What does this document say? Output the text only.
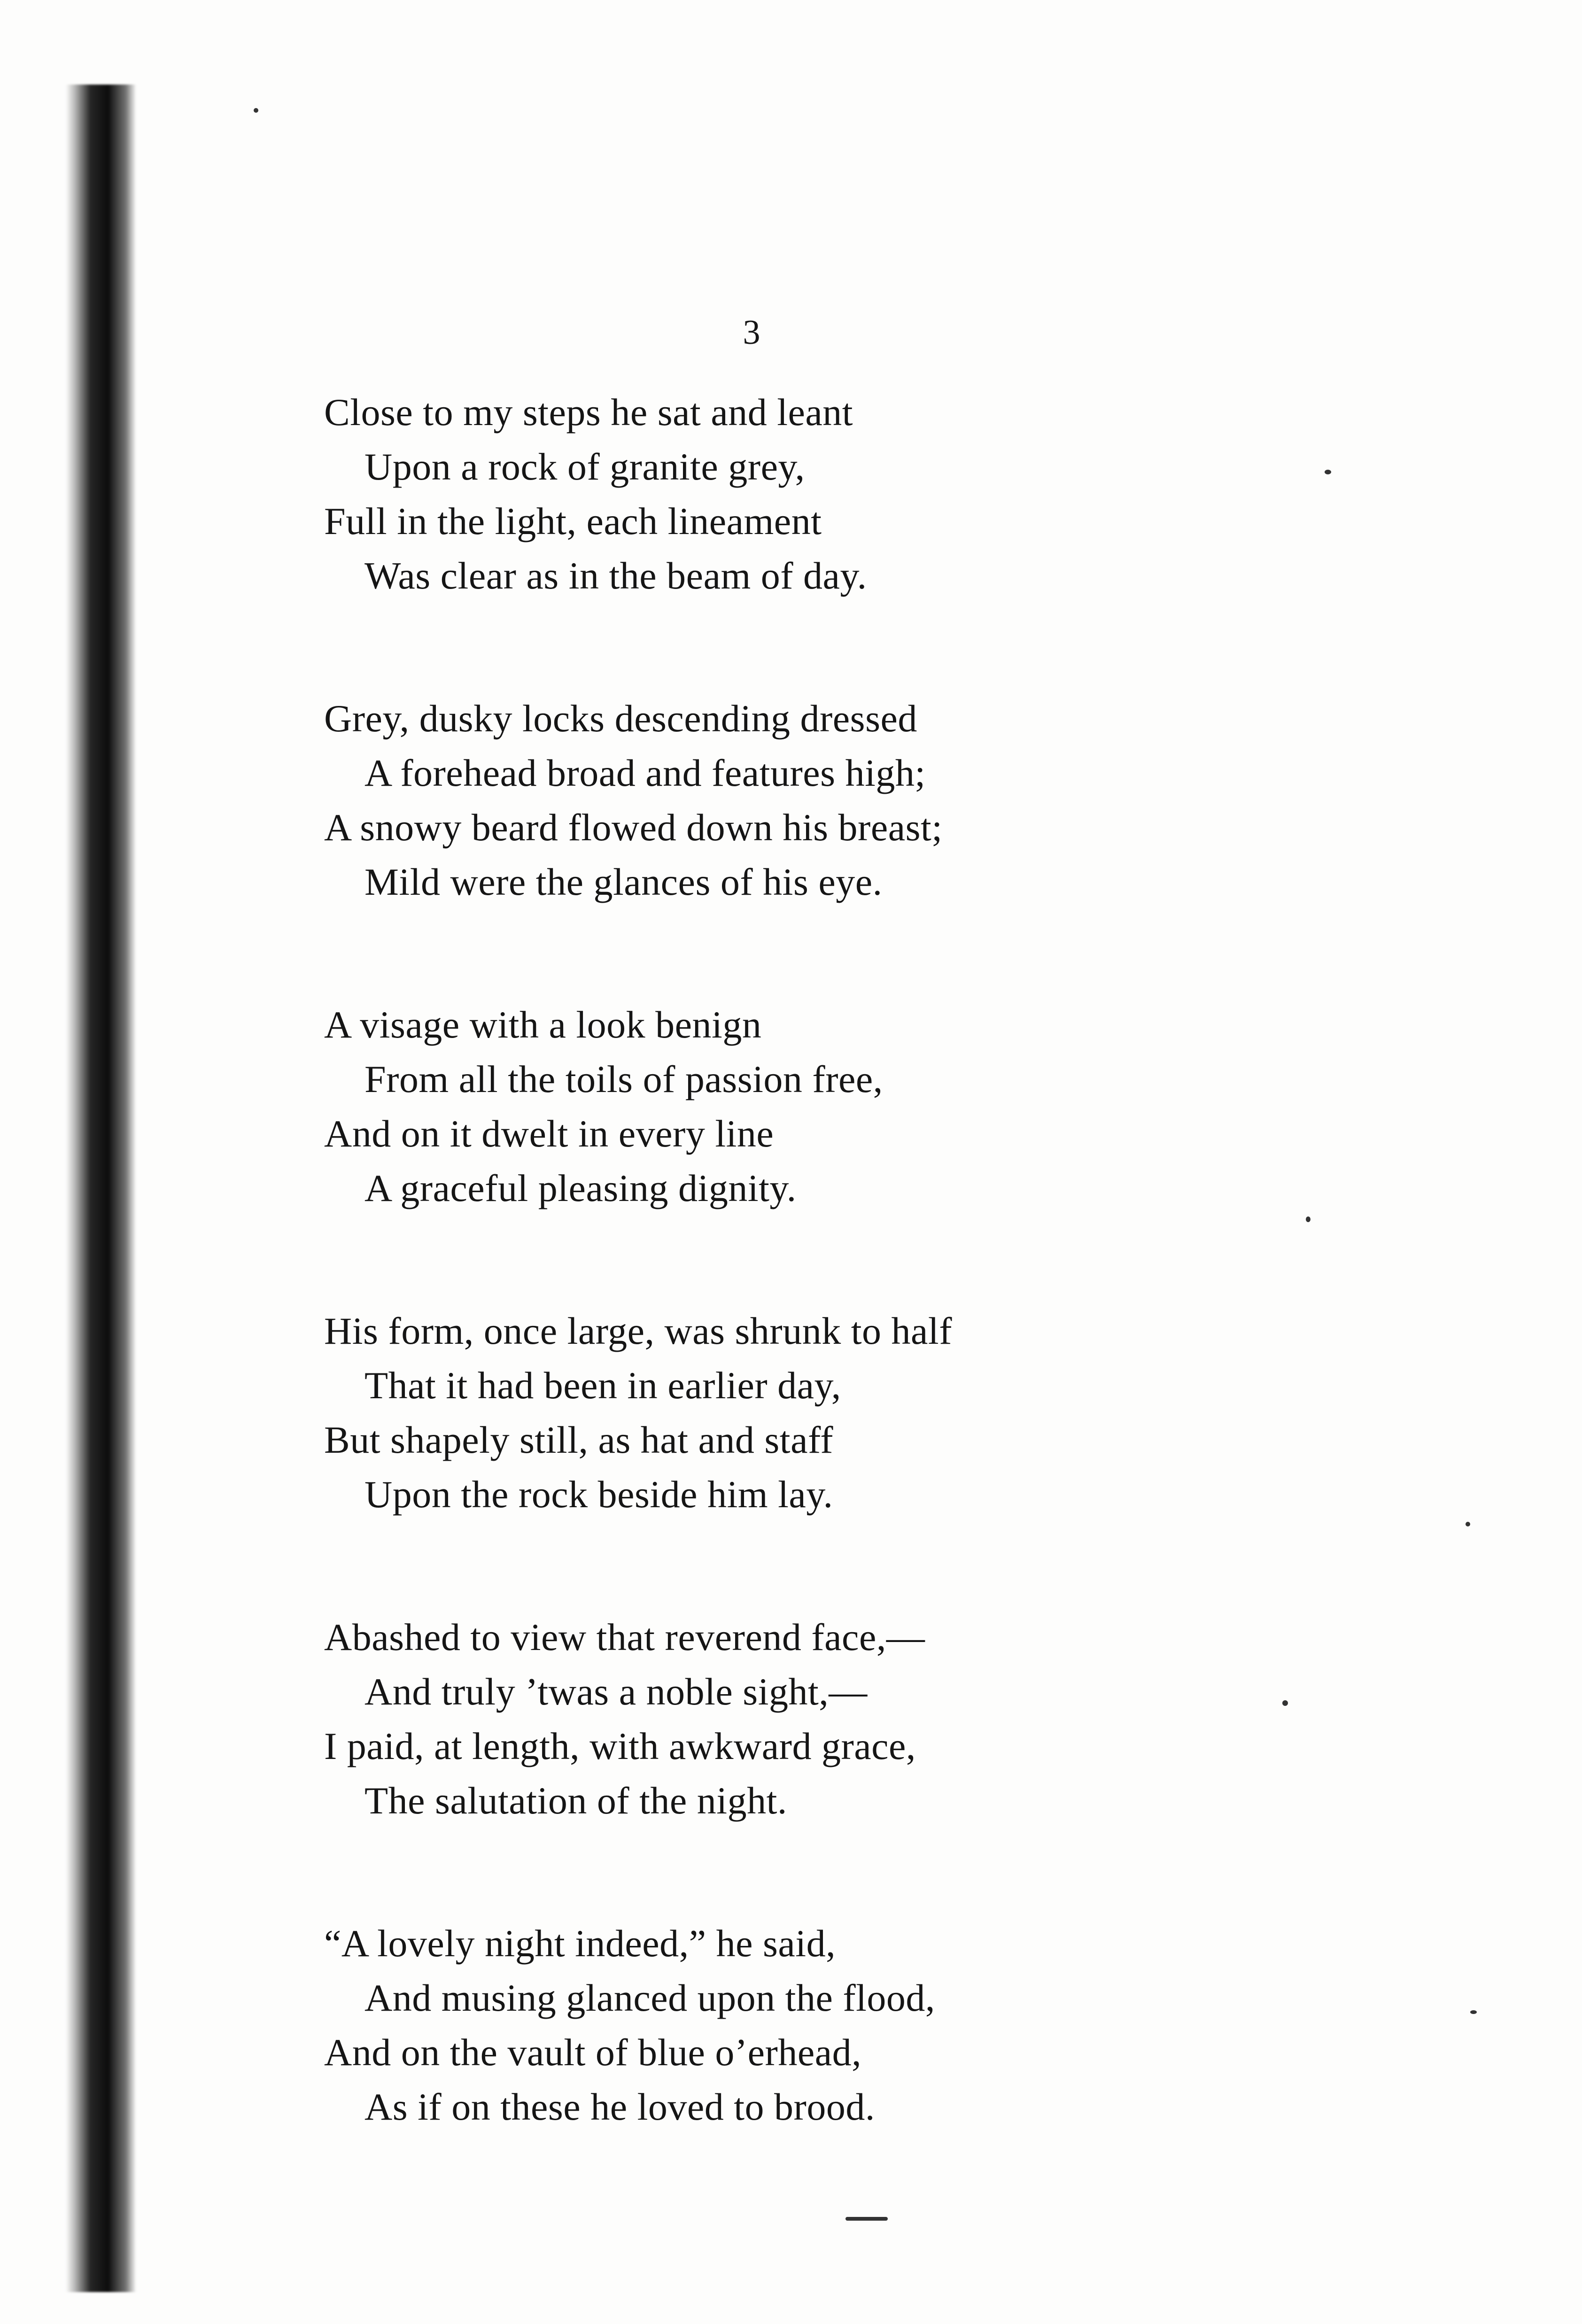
3
Close to my steps he sat and leant
Upon a rock of granite grey,
Full in the light, each lineament
Was clear as in the beam of day.
Grey, dusky locks descending dressed
A forehead broad and features high;
A snowy beard flowed down his breast;
Mild were the glances of his eye.
A visage with a look benign
From all the toils of passion free,
And on it dwelt in every line
A graceful pleasing dignity.
His form, once large, was shrunk to half
That it had been in earlier day,
But shapely still, as hat and staff
Upon the rock beside him lay.
Abashed to view that reverend face,—
And truly ’twas a noble sight,—
I paid, at length, with awkward grace,
The salutation of the night.
“A lovely night indeed,” he said,
And musing glanced upon the flood,
And on the vault of blue o’erhead,
As if on these he loved to brood.
